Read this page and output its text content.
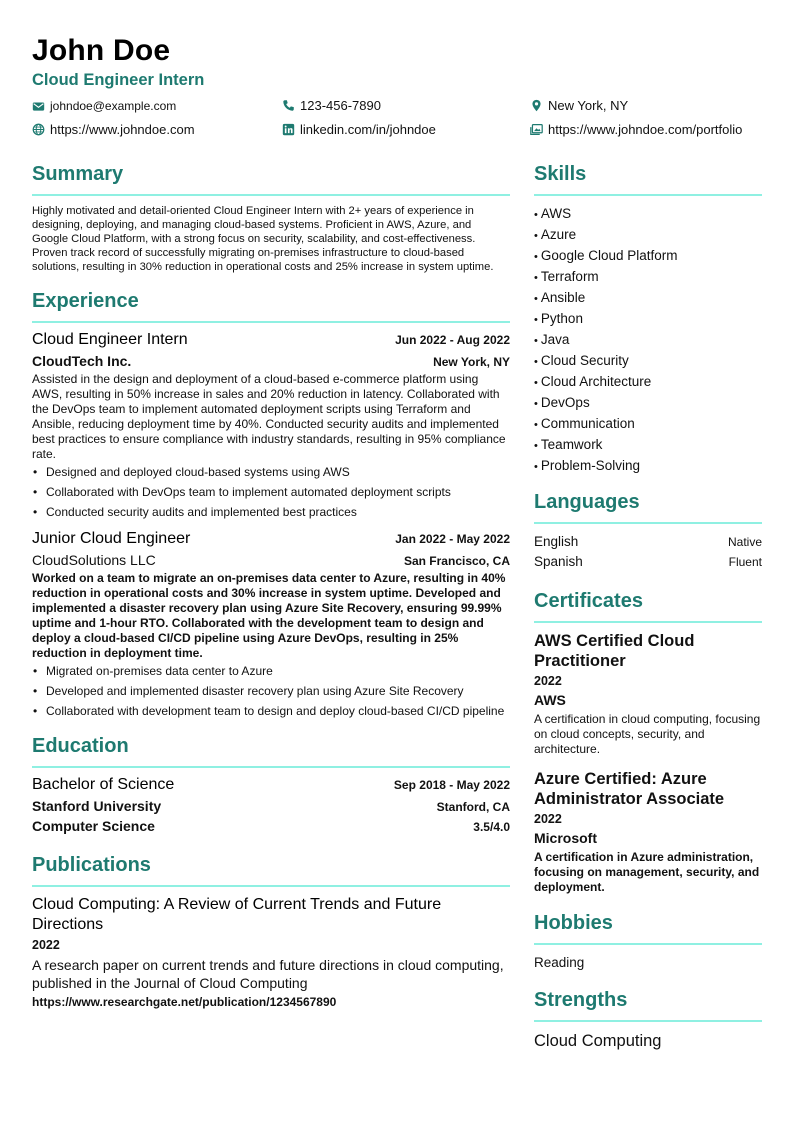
John Doe
Cloud Engineer Intern
johndoe@example.com	123-456-7890	New York, NY
https://www.johndoe.com	linkedin.com/in/johndoe	https://www.johndoe.com/portfolio
Summary

Highly motivated and detail-oriented Cloud Engineer Intern with 2+ years of experience in designing, deploying, and managing cloud-based systems. Proficient in AWS, Azure, and Google Cloud Platform, with a strong focus on security, scalability, and cost-effectiveness. Proven track record of successfully migrating on-premises infrastructure to cloud-based solutions, resulting in 30% reduction in operational costs and 25% increase in system uptime.

Experience
Cloud Engineer Intern	Jun 2022 - Aug 2022
CloudTech Inc.	New York, NY

Assisted in the design and deployment of a cloud-based e-commerce platform using AWS, resulting in 50% increase in sales and 20% reduction in latency. Collaborated with the DevOps team to implement automated deployment scripts using Terraform and Ansible, reducing deployment time by 40%. Conducted security audits and implemented best practices to ensure compliance with industry standards, resulting in 95% compliance rate.

• Designed and deployed cloud-based systems using AWS
• Collaborated with DevOps team to implement automated deployment scripts
• Conducted security audits and implemented best practices
Junior Cloud Engineer	Jan 2022 - May 2022
CloudSolutions LLC	San Francisco, CA

Worked on a team to migrate an on-premises data center to Azure, resulting in 40% reduction in operational costs and 30% increase in system uptime. Developed and implemented a disaster recovery plan using Azure Site Recovery, ensuring 99.99% uptime and 1-hour RTO. Collaborated with the development team to design and deploy a cloud-based CI/CD pipeline using Azure DevOps, resulting in 25% reduction in deployment time.

• Migrated on-premises data center to Azure
• Developed and implemented disaster recovery plan using Azure Site Recovery
• Collaborated with development team to design and deploy cloud-based CI/CD pipeline
Education
Bachelor of Science	Sep 2018 - May 2022
Stanford University	Stanford, CA
Computer Science	3.5/4.0
Publications
Cloud Computing: A Review of Current Trends and Future Directions
2022
A research paper on current trends and future directions in cloud computing, published in the Journal of Cloud Computing
https://www.researchgate.net/publication/1234567890
Skills
• AWS
• Azure
• Google Cloud Platform
• Terraform
• Ansible
• Python
• Java
• Cloud Security
• Cloud Architecture
• DevOps
• Communication
• Teamwork
• Problem-Solving
Languages
English	Native
Spanish	Fluent
Certificates
AWS Certified Cloud Practitioner
2022
AWS
A certification in cloud computing, focusing on cloud concepts, security, and architecture.
Azure Certified: Azure Administrator Associate
2022
Microsoft
A certification in Azure administration, focusing on management, security, and deployment.
Hobbies
Reading
Strengths
Cloud Computing
